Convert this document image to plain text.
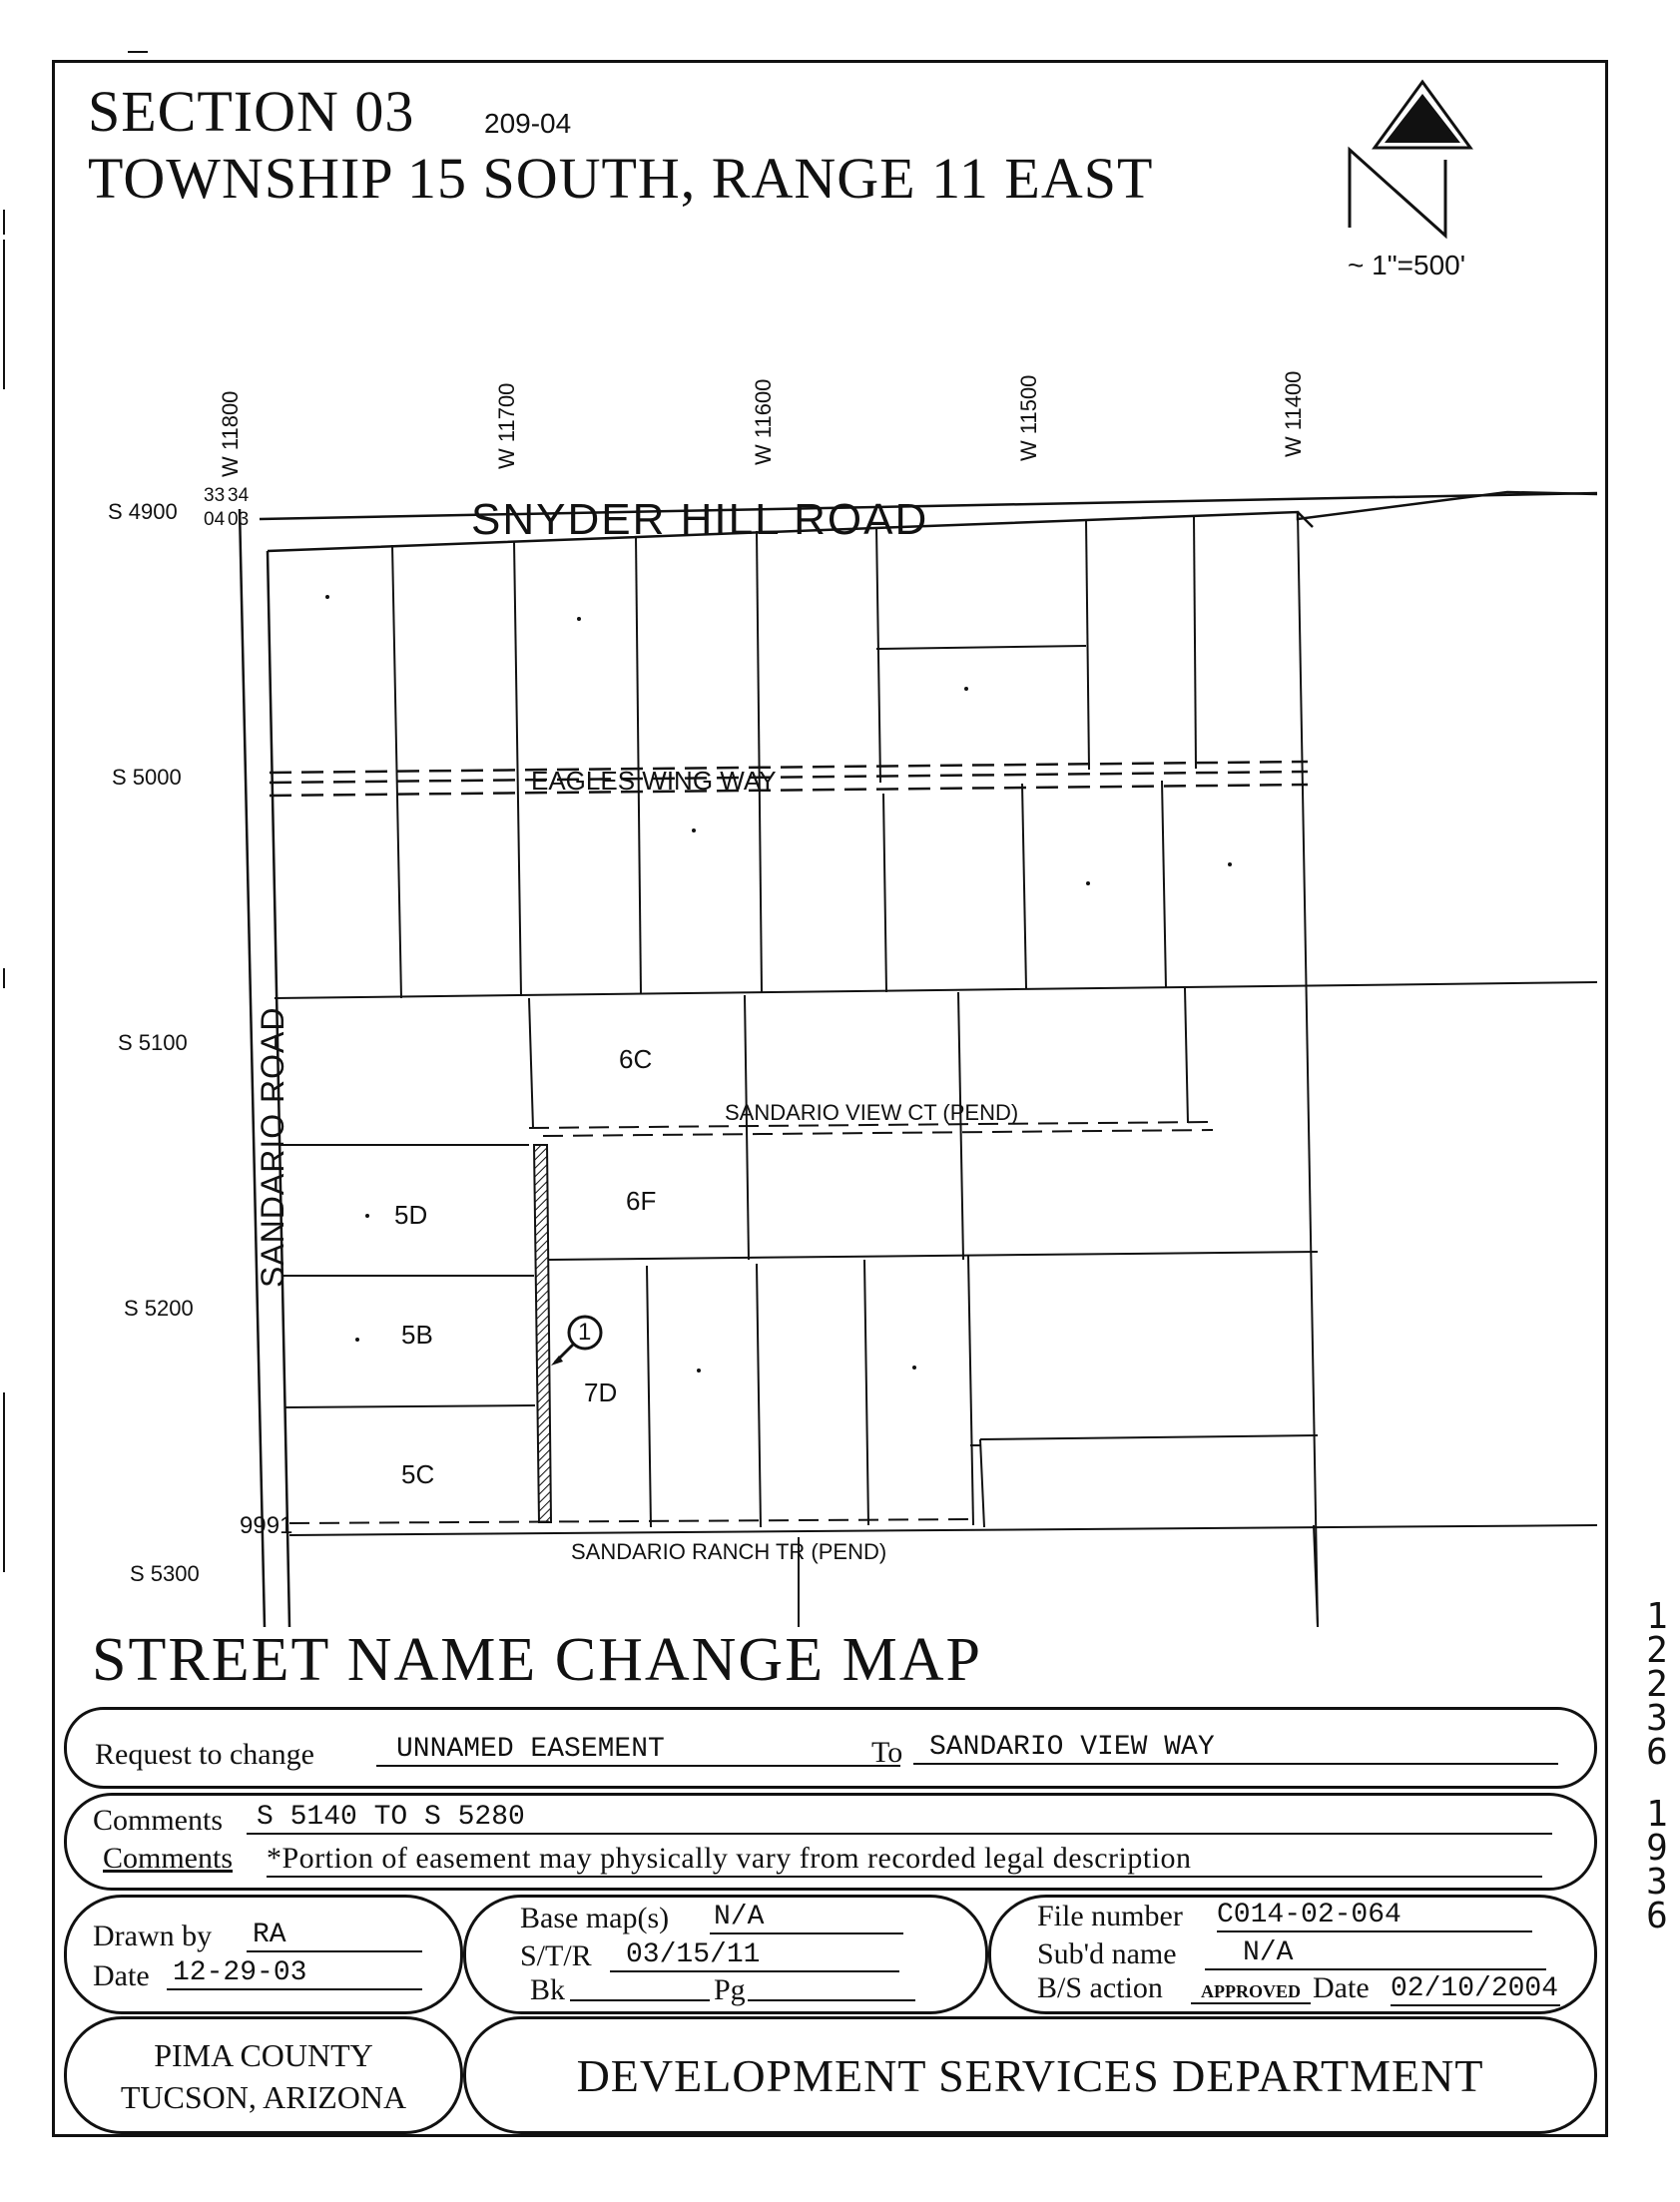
SECTION 03 209-04
TOWNSHIP 15 SOUTH, RANGE 11 EAST
~ 1"=500'
W 11800	W 11700	W 11600	W 11500	W 11400
S 4900
S 5000
S 5100
S 5200
S 5300
33 34
04 03	SNYDER HILL ROAD
EAGLES WING WAY
SANDARIO ROAD	SANDARIO VIEW CT (PEND)
SANDARIO RANCH TR (PEND)
9991
6C
6F
5D
5B
7D
5C
1
STREET NAME CHANGE MAP
Request to change	UNNAMED EASEMENT	To SANDARIO VIEW WAY
Comments	S 5140 TO S 5280
Comments *Portion of easement may physically vary from recorded legal description
Drawn by RA
Date 12-29-03
Base map(s) N/A
S/T/R	03/15/11
Bk	Pg
File number C014-02-064
Sub'd name	N/A
B/S action	APPROVED Date 02/10/2004
PIMA COUNTY
TUCSON, ARIZONA	DEVELOPMENT SERVICES DEPARTMENT
1
2
2
3
6
1
9
3
6
